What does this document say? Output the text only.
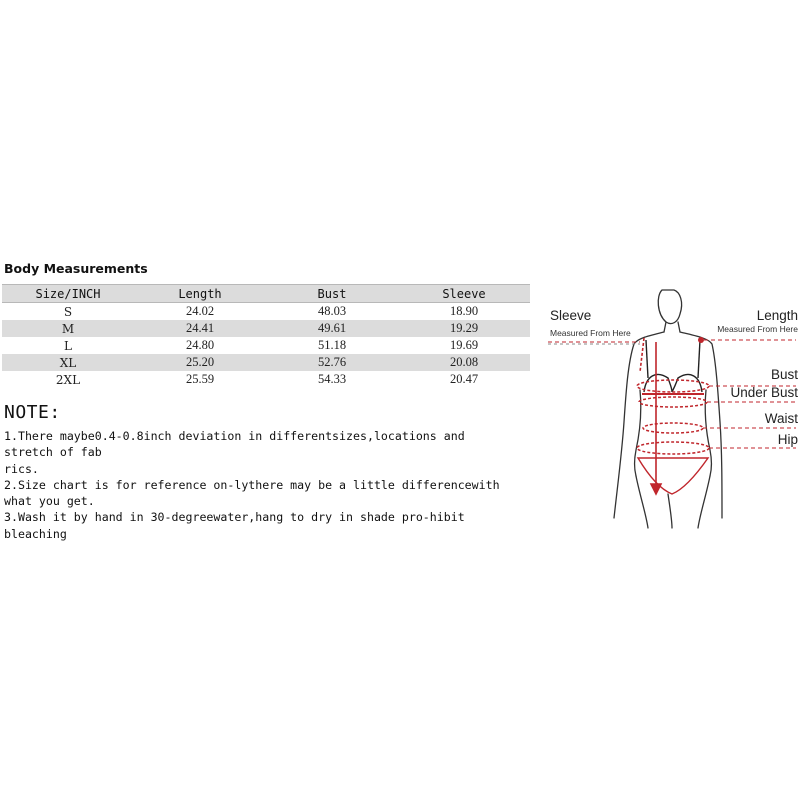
Body Measurements
Size/INCH	Length	Bust	Sleeve
S	24.02	48.03	18.90
M	24.41	49.61	19.29
L	24.80	51.18	19.69
XL	25.20	52.76	20.08
2XL	25.59	54.33	20.47
NOTE:
1.There maybe0.4-0.8inch deviation in differentsizes,locations and
stretch of fab
rics.
2.Size chart is for reference on-lythere may be a little differencewith
what you get.
3.Wash it by hand in 30-degreewater,hang to dry in shade pro-hibit
bleaching
Sleeve
Measured From Here
Length
Measured From Here
Bust
Under Bust
Waist
Hip
